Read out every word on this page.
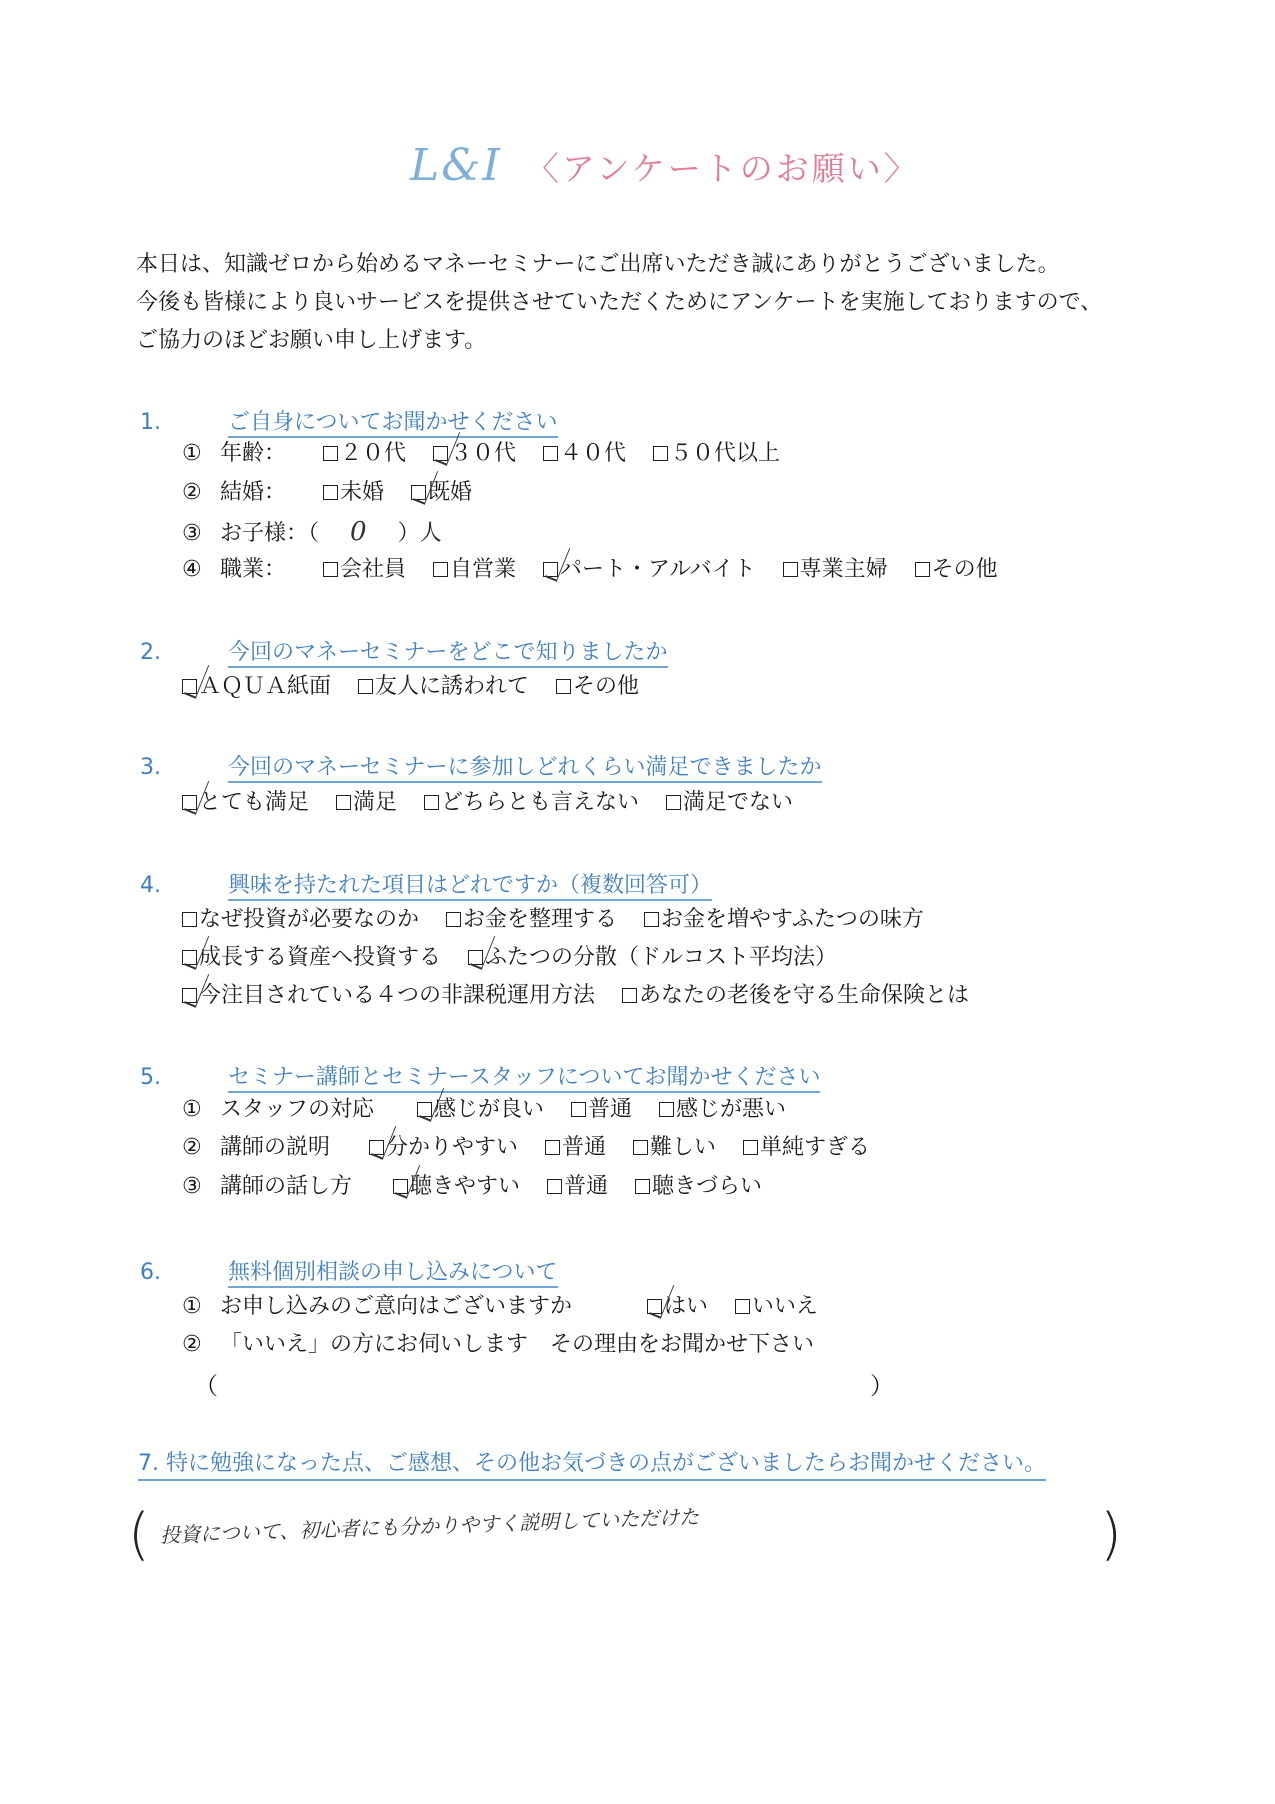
L&I 〈アンケートのお願い〉
本日は、知識ゼロから始めるマネーセミナーにご出席いただき誠にありがとうございました。
今後も皆様により良いサービスを提供させていただくためにアンケートを実施しておりますので、
ご協力のほどお願い申し上げます。
1.	ご自身についてお聞かせください
① 年齢： ２０代 ３０代 ４０代 ５０代以上
② 結婚： 未婚 既婚
③ お子様：（ 0 ）人
④ 職業： 会社員 自営業 パート・アルバイト 専業主婦 その他
2.	今回のマネーセミナーをどこで知りましたか
ＡＱＵＡ紙面 友人に誘われて その他
3.	今回のマネーセミナーに参加しどれくらい満足できましたか
とても満足 満足 どちらとも言えない 満足でない
4.	興味を持たれた項目はどれですか（複数回答可）
なぜ投資が必要なのか お金を整理する お金を増やすふたつの味方
成長する資産へ投資する ふたつの分散（ドルコスト平均法）
今注目されている４つの非課税運用方法 あなたの老後を守る生命保険とは
5.	セミナー講師とセミナースタッフについてお聞かせください
① スタッフの対応	感じが良い 普通 感じが悪い
② 講師の説明	分かりやすい 普通 難しい 単純すぎる
③ 講師の話し方	聴きやすい 普通 聴きづらい
6.	無料個別相談の申し込みについて
① お申し込みのご意向はございますか	はい いいえ
② 「いいえ」の方にお伺いします　その理由をお聞かせ下さい
（	）
7. 特に勉強になった点、ご感想、その他お気づきの点がございましたらお聞かせください。
( 投資について、初心者にも分かりやすく説明していただけた	)
